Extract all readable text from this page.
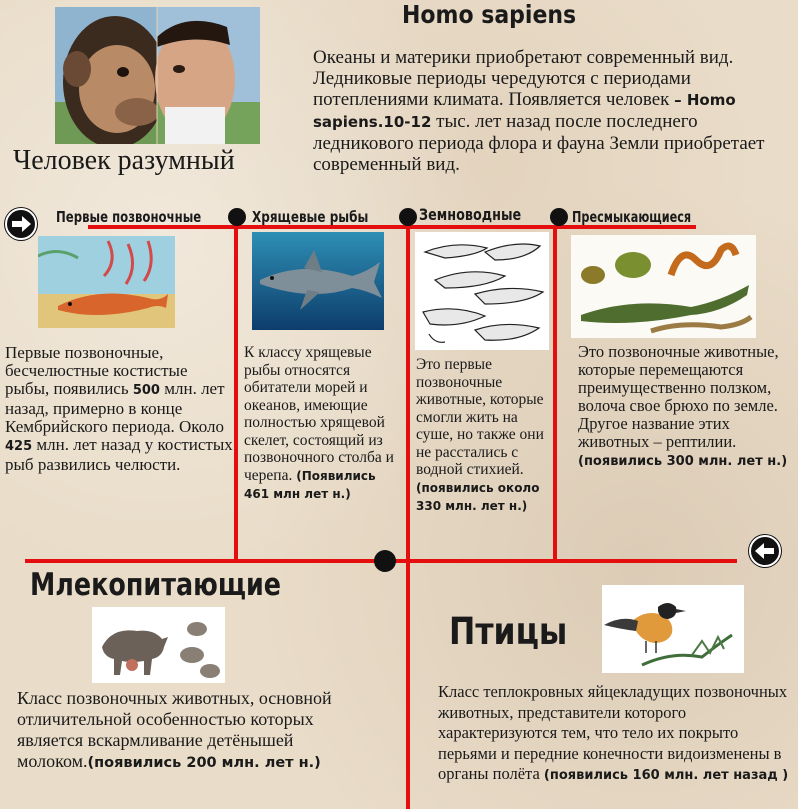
Homo sapiens
Человек разумный
Океаны и материки приобретают современный вид. Ледниковые периоды чередуются с периодами потеплениями климата. Появляется человек – Homo sapiens.10-12 тыс. лет назад после последнего ледникового периода флора и фауна Земли приобретает современный вид.
Первые позвоночные	Хрящевые рыбы	Земноводные	Пресмыкающиеся
Первые позвоночные, бесчелюстные костистые рыбы, появились 500 млн. лет назад, примерно в конце Кембрийского периода. Около 425 млн. лет назад у костистых рыб развились челюсти.
К классу хрящевые рыбы относятся обитатели морей и океанов, имеющие полностью хрящевой скелет, состоящий из позвоночного столба и черепа. (Появились 461 млн лет н.)
Это первые позвоночные животные, которые смогли жить на суше, но также они не расстались с водной стихией. (появились около 330 млн. лет н.)
Это позвоночные животные, которые перемещаются преимущественно ползком, волоча свое брюхо по земле. Другое название этих животных – рептилии. (появились 300 млн. лет н.)
Млекопитающие
Класс позвоночных животных, основной отличительной особенностью которых является вскармливание детёнышей молоком.(появились 200 млн. лет н.)
Птицы
Класс теплокровных яйцекладущих позвоночных животных, представители которого характеризуются тем, что тело их покрыто перьями и передние конечности видоизменены в органы полёта (появились 160 млн. лет назад )
